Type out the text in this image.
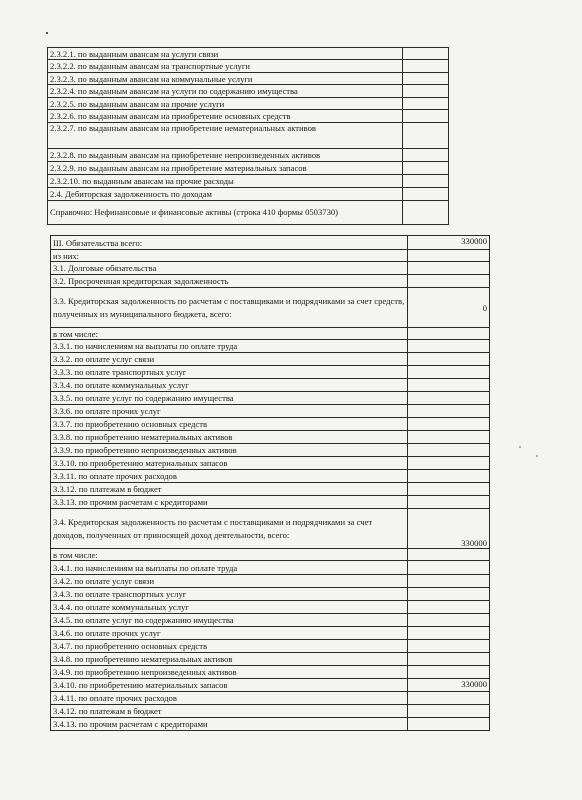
2.3.2.1. по выданным авансам на услуги связи	
2.3.2.2. по выданным авансам на транспортные услуги	
2.3.2.3. по выданным авансам на коммунальные услуги	
2.3.2.4. по выданным авансам на услуги по содержанию имущества	
2.3.2.5. по выданным авансам на прочие услуги	
2.3.2.6. по выданным авансам на приобретение основных средств	
2.3.2.7. по выданным авансам на приобретение нематериальных активов	
2.3.2.8. по выданным авансам на приобретение непроизведенных активов	
2.3.2.9. по выданным авансам на приобретение материальных запасов	
2.3.2.10. по выданным авансам на прочие расходы	
2.4. Дебиторская задолженность по доходам	
Справочно: Нефинансовые и финансовые активы (строка 410 формы 0503730)	
III. Обязательства всего:	330000
из них:	
3.1. Долговые обязательства	
3.2. Просроченная кредиторская задолженность	
3.3. Кредиторская задолженность по расчетам с поставщиками и подрядчиками за счет средств, полученных из муниципального бюджета, всего:	0
в том числе:	
3.3.1. по начислениям на выплаты по оплате труда	
3.3.2. по оплате услуг связи	
3.3.3. по оплате транспортных услуг	
3.3.4. по оплате коммунальных услуг	
3.3.5. по оплате услуг по содержанию имущества	
3.3.6. по оплате прочих услуг	
3.3.7. по приобретению основных средств	
3.3.8. по приобретению нематериальных активов	
3.3.9. по приобретению непроизведенных активов	
3.3.10. по приобретению материальных запасов	
3.3.11. по оплате прочих расходов	
3.3.12. по платежам в бюджет	
3.3.13. по прочим расчетам с кредиторами	
3.4. Кредиторская задолженность по расчетам с поставщиками и подрядчиками за счет доходов, полученных от приносящей доход деятельности, всего:	330000
в том числе:	
3.4.1. по начислениям на выплаты по оплате труда	
3.4.2. по оплате услуг связи	
3.4.3. по оплате транспортных услуг	
3.4.4. по оплате коммунальных услуг	
3.4.5. по оплате услуг по содержанию имущества	
3.4.6. по оплате прочих услуг	
3.4.7. по приобретению основных средств	
3.4.8. по приобретению нематериальных активов	
3.4.9. по приобретению непроизведенных активов	
3.4.10. по приобретению материальных запасов	330000
3.4.11. по оплате прочих расходов	
3.4.12. по платежам в бюджет	
3.4.13. по прочим расчетам с кредиторами	
